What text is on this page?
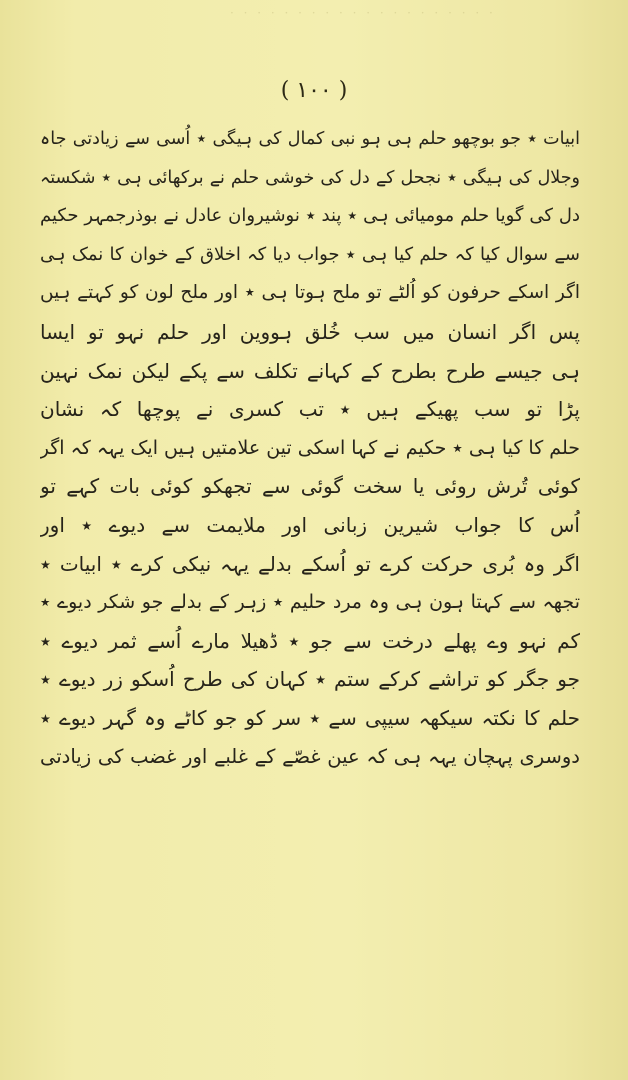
· · · · · · · · · · · · · · · · · · · ·
( ۱۰۰ )
ابیات ٭ جو بوچھو حلم ہی ہو نبی کمال کی ہیگی ٭ اُسی سے زیادتی جاہ
وجلال کی ہیگی ٭ نجحل کے دل کی خوشی حلم نے برکھائی ہی ٭ شکستہ
دل کی گویا حلم مومیائی ہی ٭ پند ٭ نوشیروان عادل نے بوذرجمہر حکیم
سے سوال کیا کہ حلم کیا ہی ٭ جواب دیا کہ اخلاق کے خوان کا نمک ہی
اگر اسکے حرفون کو اُلٹے تو ملح ہوتا ہی ٭ اور ملح لون کو کہتے ہیں
پس اگر انسان میں سب خُلق ہووین اور حلم نہو تو ایسا
ہی جیسے طرح بطرح کے کہانے تکلف سے پکے لیکن نمک نہین
پڑا تو سب پھیکے ہیں ٭ تب کسری نے پوچھا کہ نشان
حلم کا کیا ہی ٭ حکیم نے کہا اسکی تین علامتیں ہیں ایک یہہ کہ اگر
کوئی تُرش روئی یا سخت گوئی سے تجھکو کوئی بات کہے تو
اُس کا جواب شیرین زبانی اور ملایمت سے دیوے ٭ اور
اگر وہ بُری حرکت کرے تو اُسکے بدلے یہہ نیکی کرے ٭ ابیات ٭
تجھہ سے کہتا ہون ہی وہ مرد حلیم ٭ زہر کے بدلے جو شکر دیوے ٭
کم نہو وے پھلے درخت سے جو ٭ ڈھیلا مارے اُسے ثمر دیوے ٭
جو جگر کو تراشے کرکے ستم ٭ کہان کی طرح اُسکو زر دیوے ٭
حلم کا نکتہ سیکھہ سیپی سے ٭ سر کو جو کاٹے وہ گہر دیوے ٭
دوسری پہچان یہہ ہی کہ عین غصّے کے غلبے اور غضب کی زیادتی
